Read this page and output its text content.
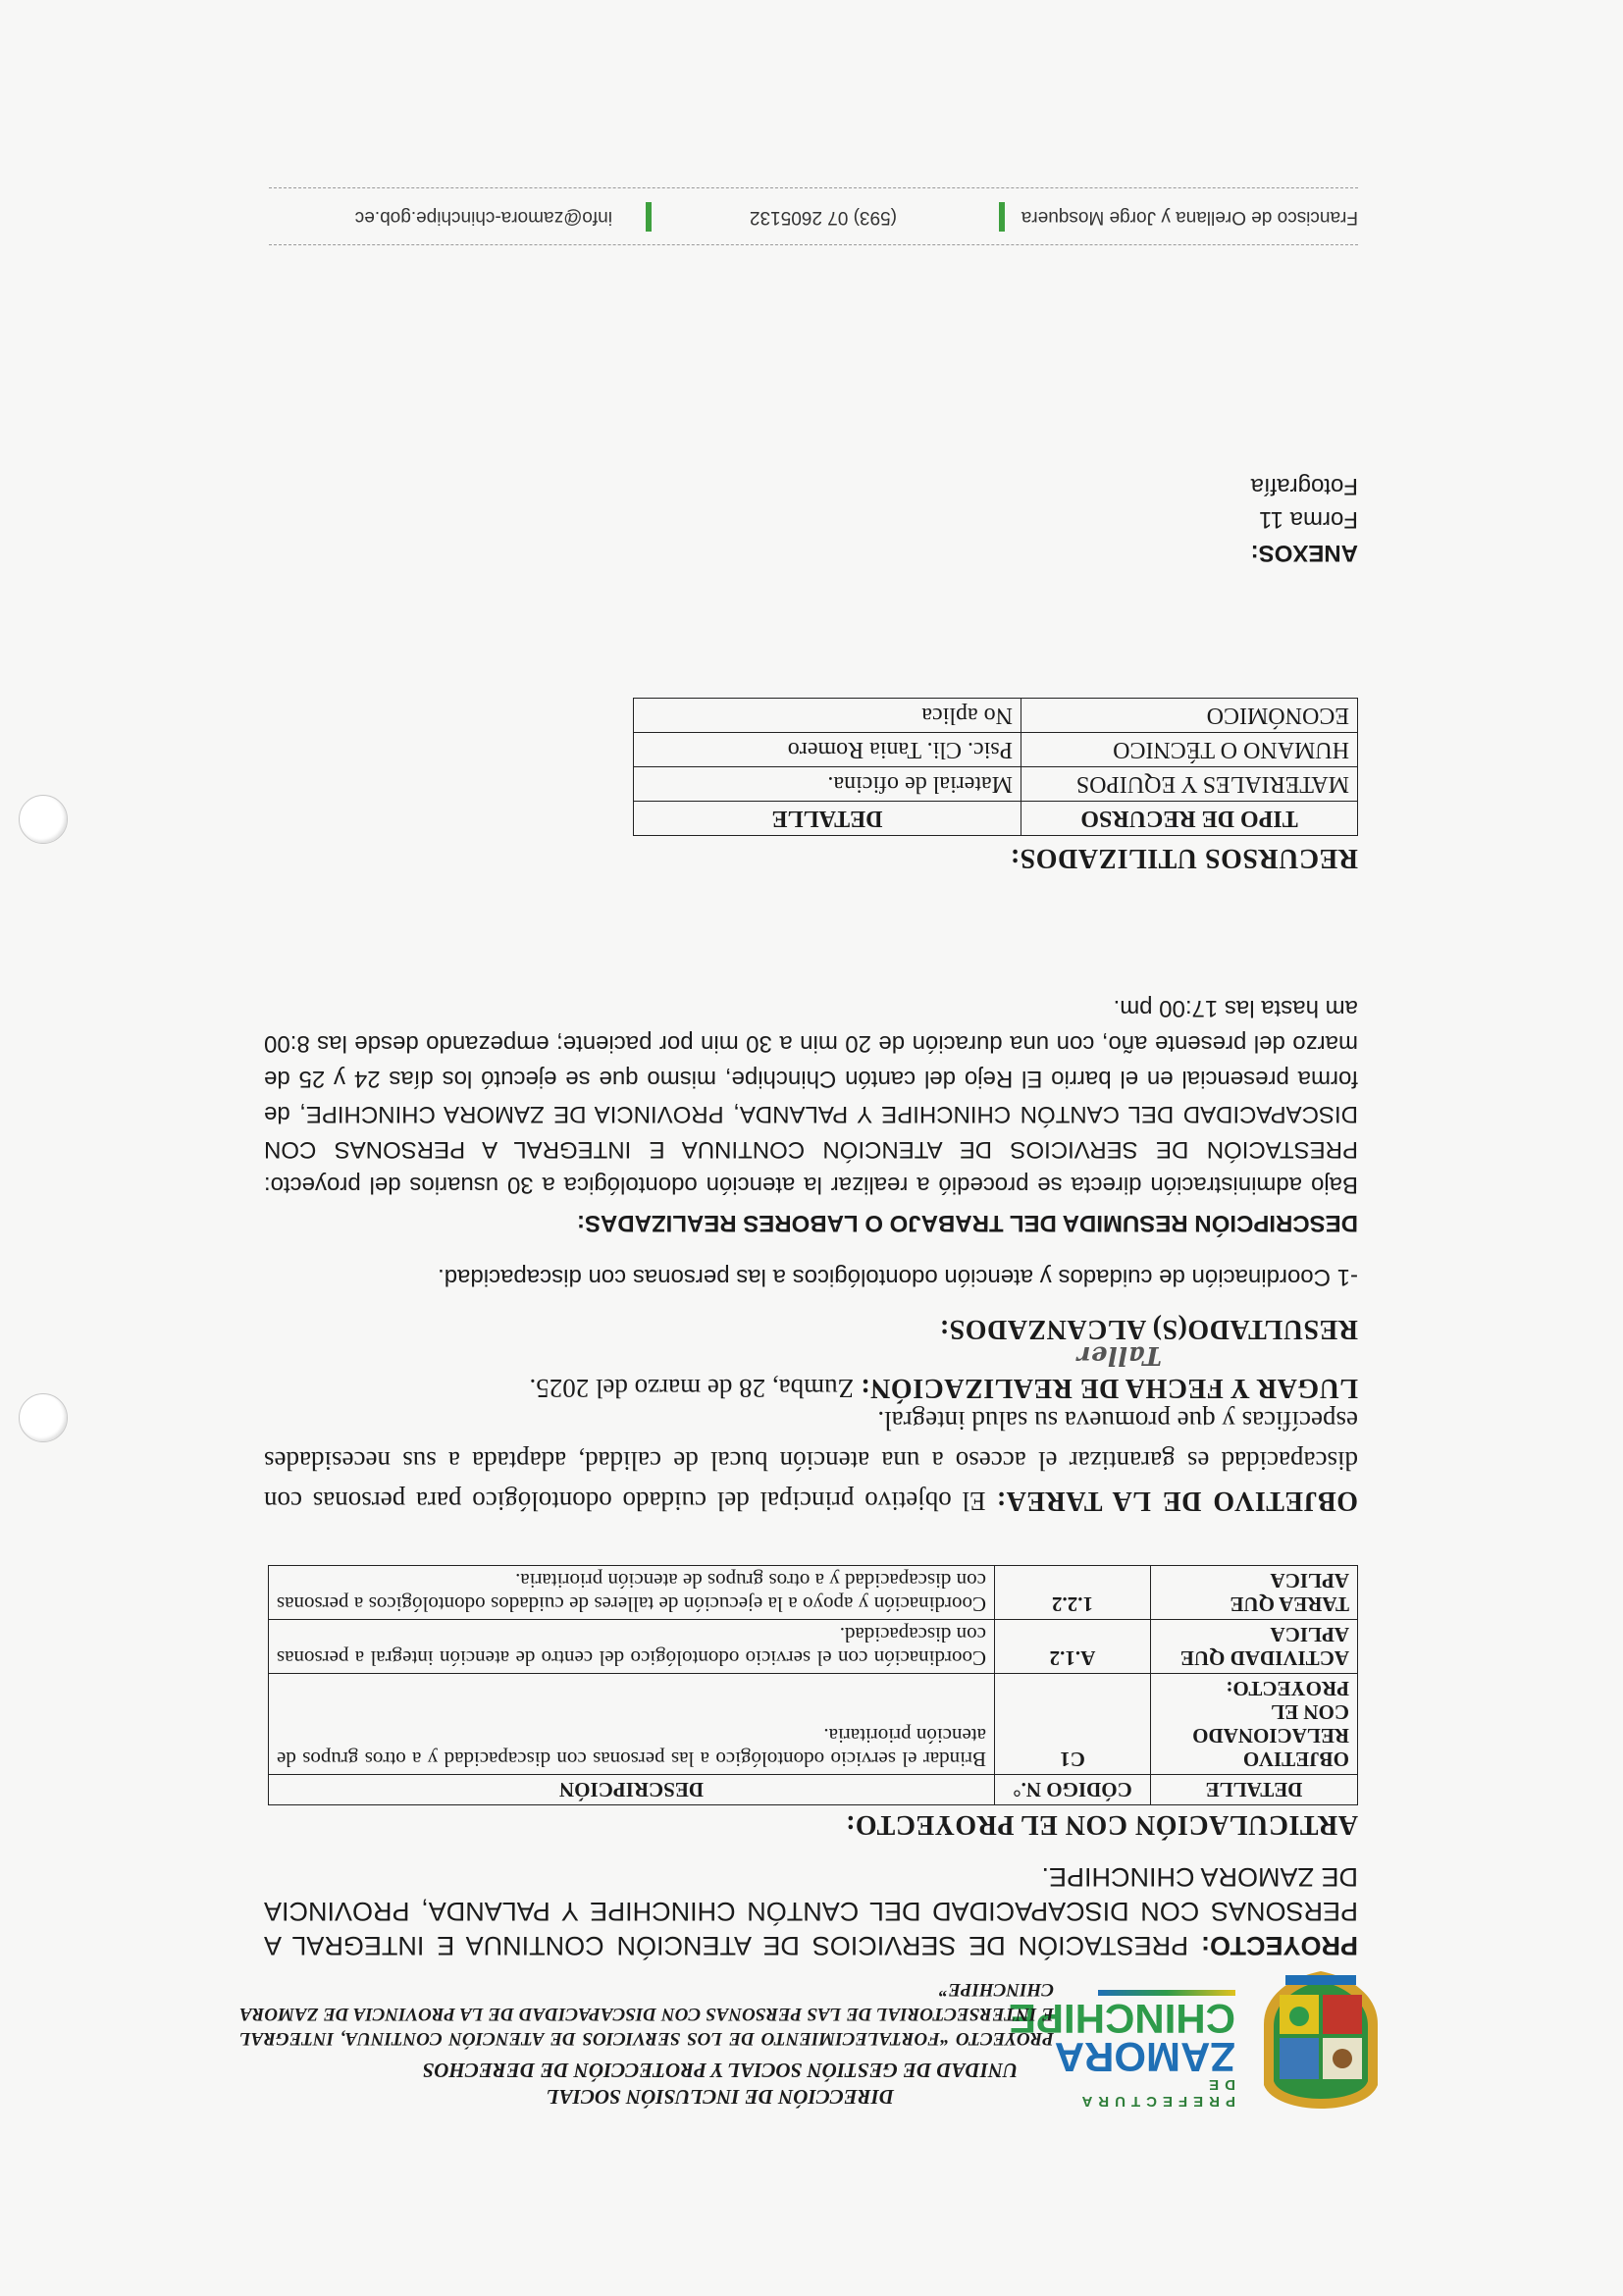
PREFECTURA DE
ZAMORA
CHINCHIPE
DIRECCIÓN DE INCLUSIÓN SOCIAL
UNIDAD DE GESTIÓN SOCIAL Y PROTECCIÓN DE DERECHOS
PROYECTO “FORTALECIMIENTO DE LOS SERVICIOS DE ATENCIÓN CONTINUA, INTEGRAL E INTERSECTORIAL DE LAS PERSONAS CON DISCAPACIDAD DE LA PROVINCIA DE ZAMORA CHINCHIPE”
PROYECTO: PRESTACIÓN DE SERVICIOS DE ATENCIÓN CONTINUA E INTEGRAL A PERSONAS CON DISCAPACIDAD DEL CANTÓN CHINCHIPE Y PALANDA, PROVINCIA DE ZAMORA CHINCHIPE.
ARTICULACIÓN CON EL PROYECTO:
DETALLE	CÓDIGO N.°	DESCRIPCIÓN
OBJETIVO RELACIONADO CON EL PROYECTO:	C1	Brindar el servicio odontológico a las personas con discapacidad y a otros grupos de atención prioritaria.
ACTIVIDAD QUE APLICA	A.1.2	Coordinación con el servicio odontológico del centro de atención integral a personas con discapacidad.
TAREA QUE APLICA	1.2.2	Coordinación y apoyo a la ejecución de talleres de cuidados odontológicos a personas con discapacidad y a otros grupos de atención prioritaria.
OBJETIVO DE LA TAREA: El objetivo principal del cuidado odontológico para personas con discapacidad es garantizar el acceso a una atención bucal de calidad, adaptada a sus necesidades específicas y que promueva su salud integral.
LUGAR Y FECHA DE REALIZACIÓN: Zumba, 28 de marzo del 2025.
RESULTADO(S) ALCANZADOS:
Taller
-1 Coordinación de cuidados y atención odontológicos a las personas con discapacidad.
DESCRIPCIÓN RESUMIDA DEL TRABAJO O LABORES REALIZADAS:
Bajo administración directa se procedió a realizar la atención odontológica a 30 usuarios del proyecto: PRESTACIÓN DE SERVICIOS DE ATENCIÓN CONTINUA E INTEGRAL A PERSONAS CON DISCAPACIDAD DEL CANTÓN CHINCHIPE Y PALANDA, PROVINCIA DE ZAMORA CHINCHIPE, de forma presencial en el barrio El Rejo del cantón Chinchipe, mismo que se ejecutó los días 24 y 25 de marzo del presente año, con una duración de 20 min a 30 min por paciente; empezando desde las 8:00 am hasta las 17:00 pm.
RECURSOS UTILIZADOS:
TIPO DE RECURSO	DETALLE
MATERIALES Y EQUIPOS	Material de oficina.
HUMANO O TÉCNICO	Psic. Cli. Tania Romero
ECONÓMICO	No aplica
ANEXOS:
Forma 11
Fotografía
Francisco de Orellana y Jorge Mosquera
(593) 07 2605132
info@zamora-chinchipe.gob.ec
